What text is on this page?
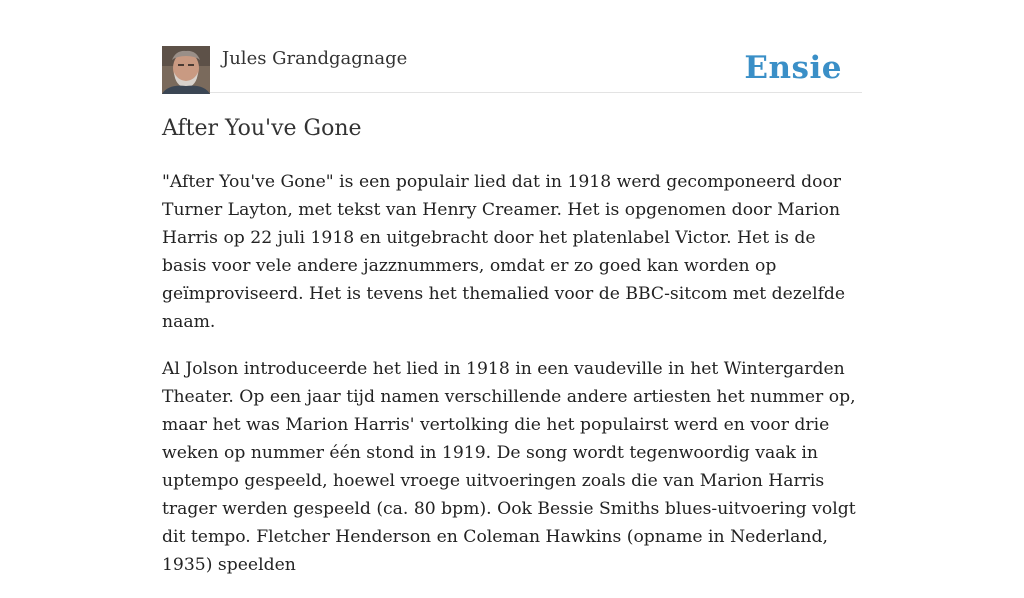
Jules Grandgagnage	Ensie
After You've Gone

"After You've Gone" is een populair lied dat in 1918 werd gecomponeerd door Turner Layton, met tekst van Henry Creamer. Het is opgenomen door Marion Harris op 22 juli 1918 en uitgebracht door het platenlabel Victor. Het is de basis voor vele andere jazznummers, omdat er zo goed kan worden op geïmproviseerd. Het is tevens het themalied voor de BBC-sitcom met dezelfde naam.

Al Jolson introduceerde het lied in 1918 in een vaudeville in het Wintergarden Theater. Op een jaar tijd namen verschillende andere artiesten het nummer op, maar het was Marion Harris' vertolking die het populairst werd en voor drie weken op nummer één stond in 1919. De song wordt tegenwoordig vaak in uptempo gespeeld, hoewel vroege uitvoeringen zoals die van Marion Harris trager werden gespeeld (ca. 80 bpm). Ook Bessie Smiths blues-uitvoering volgt dit tempo. Fletcher Henderson en Coleman Hawkins (opname in Nederland, 1935) speelden
